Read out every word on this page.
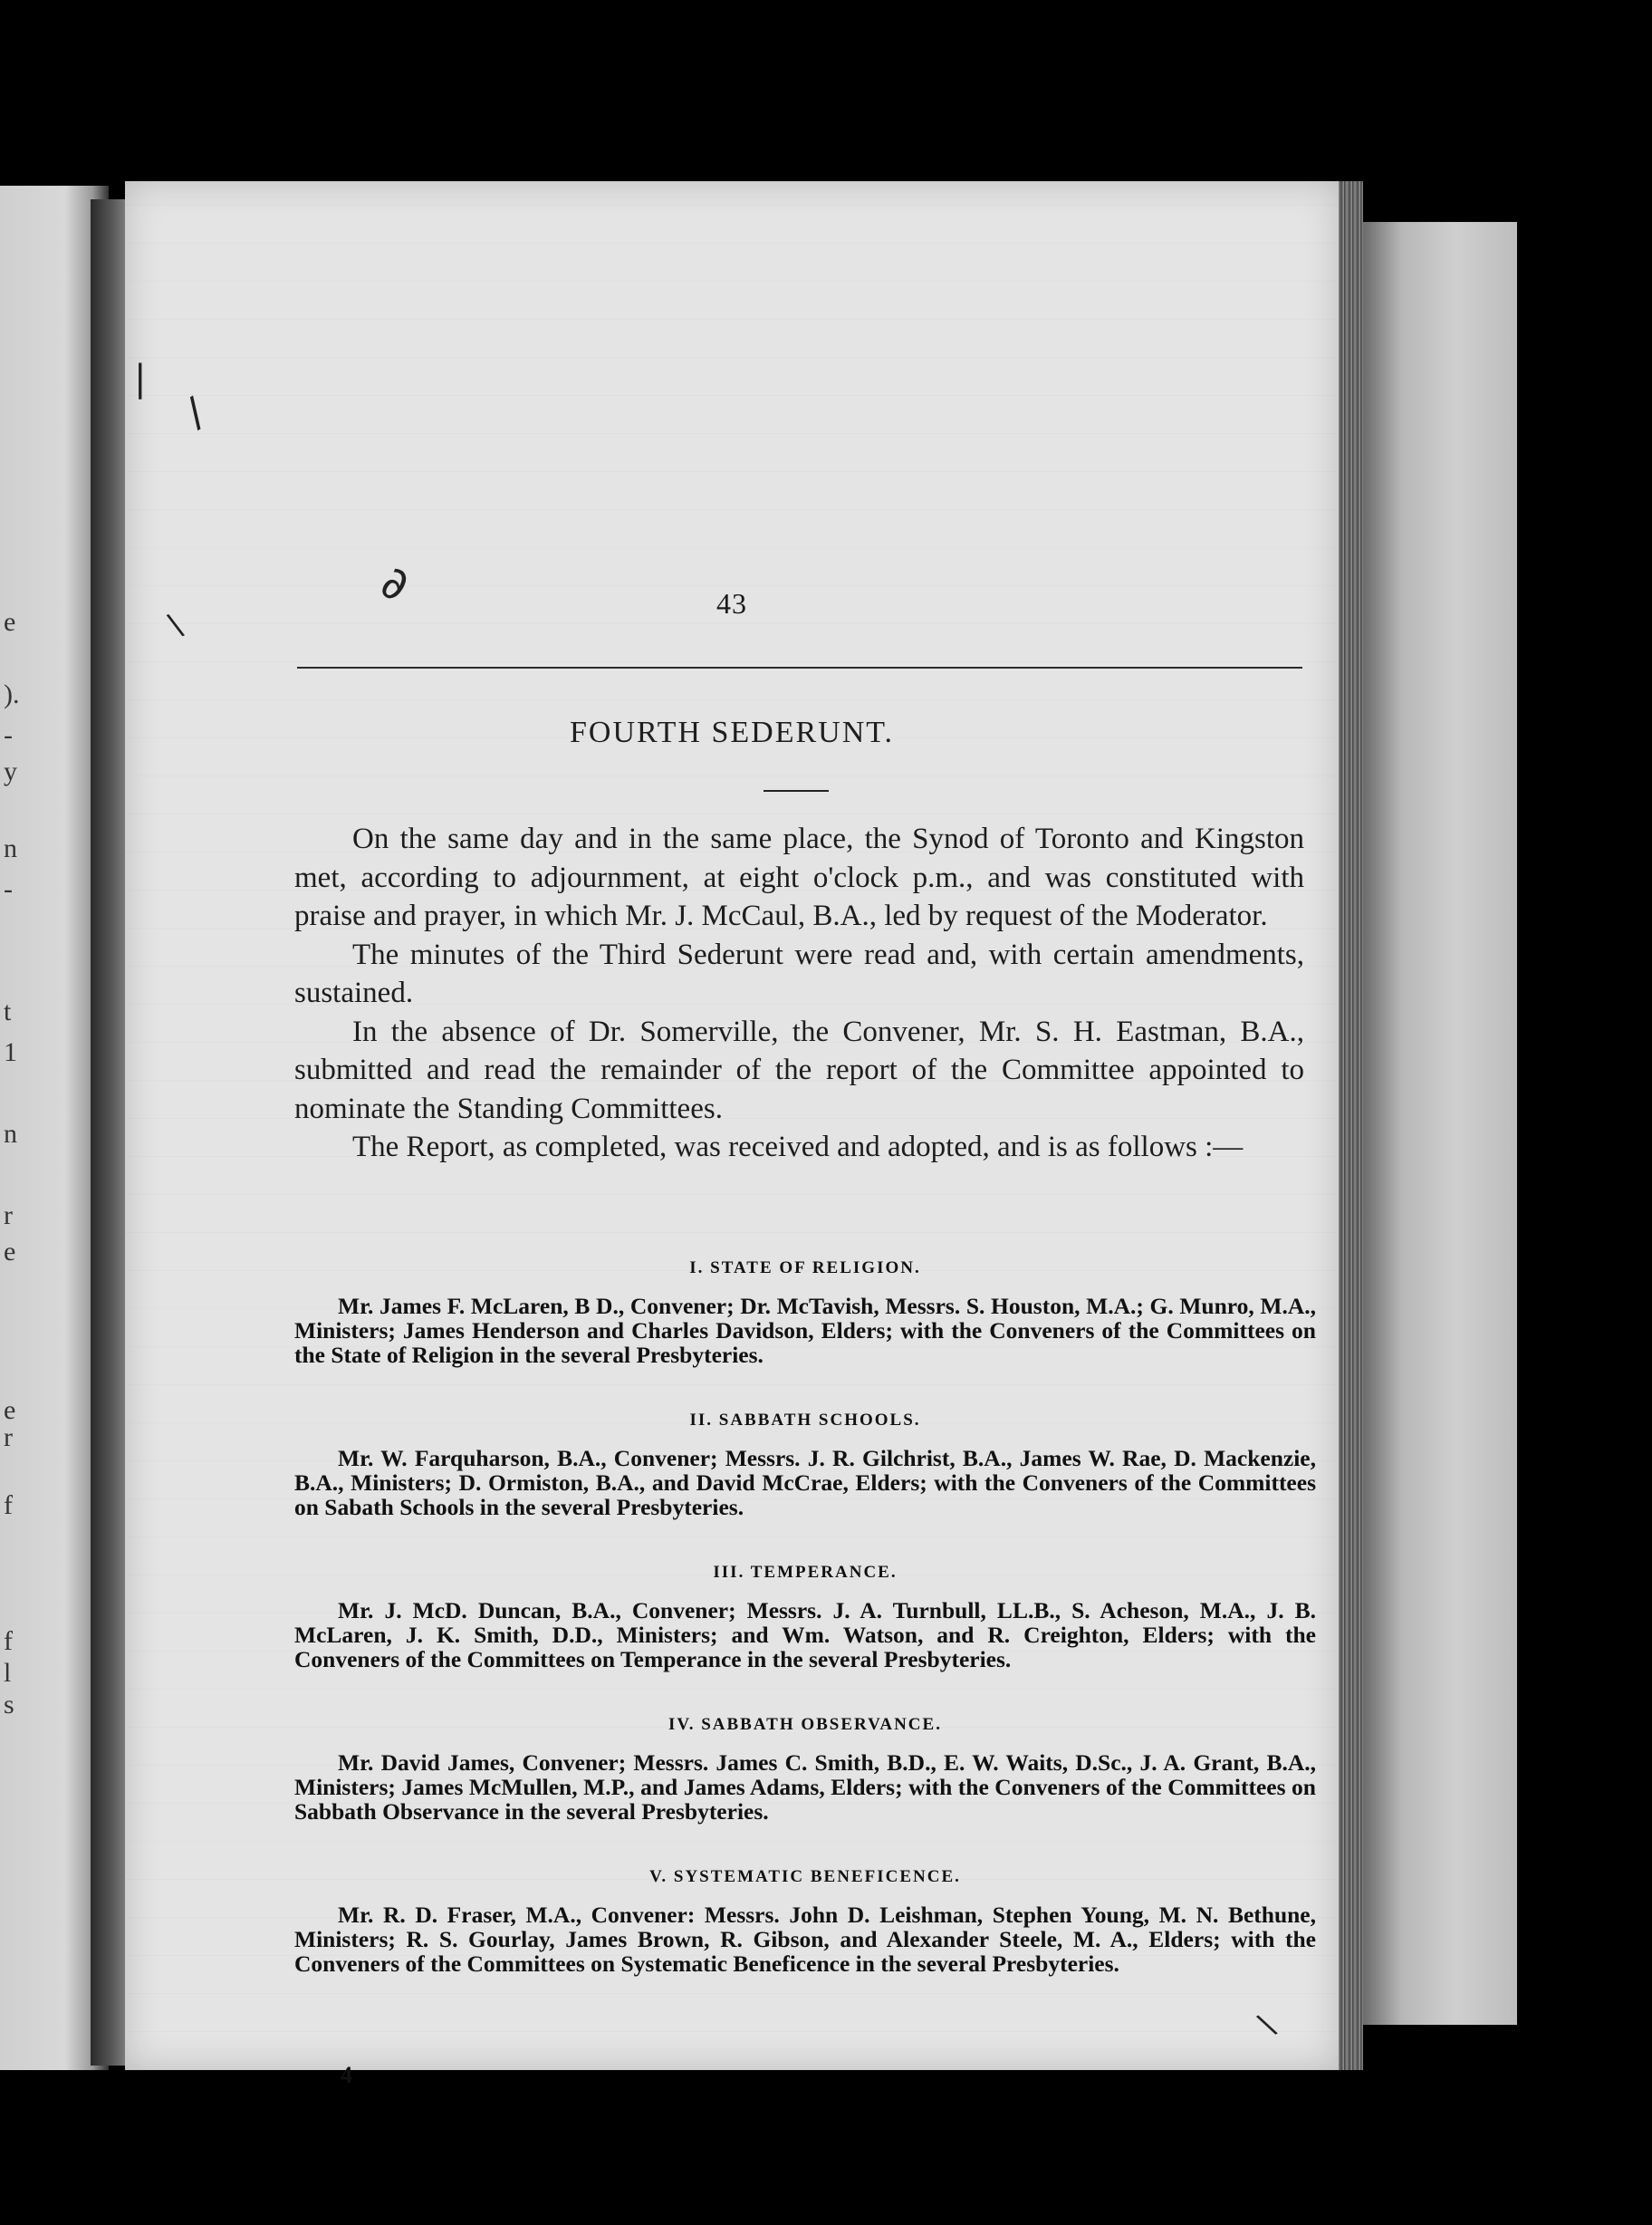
e
).
-
y
n
-
t
1
n
r
e
e
r
f
f
l
s
|
/
∂
\
43
FOURTH SEDERUNT.

On the same day and in the same place, the Synod of Toronto and Kingston met, according to adjournment, at eight o'clock p.m., and was constituted with praise and prayer, in which Mr. J. McCaul, B.A., led by request of the Moderator.

The minutes of the Third Sederunt were read and, with certain amendments, sustained.

In the absence of Dr. Somerville, the Convener, Mr. S. H. Eastman, B.A., submitted and read the remainder of the report of the Committee appointed to nominate the Standing Committees.

The Report, as completed, was received and adopted, and is as follows :—

I. STATE OF RELIGION.

Mr. James F. McLaren, B D., Convener; Dr. McTavish, Messrs. S. Houston, M.A.; G. Munro, M.A., Ministers; James Henderson and Charles Davidson, Elders; with the Conveners of the Committees on the State of Religion in the several Presbyteries.

II. SABBATH SCHOOLS.

Mr. W. Farquharson, B.A., Convener; Messrs. J. R. Gilchrist, B.A., James W. Rae, D. Mackenzie, B.A., Ministers; D. Ormiston, B.A., and David McCrae, Elders; with the Conveners of the Committees on Sabath Schools in the several Presbyteries.

III. TEMPERANCE.

Mr. J. McD. Duncan, B.A., Convener; Messrs. J. A. Turnbull, LL.B., S. Acheson, M.A., J. B. McLaren, J. K. Smith, D.D., Ministers; and Wm. Watson, and R. Creighton, Elders; with the Conveners of the Committees on Temperance in the several Presbyteries.

IV. SABBATH OBSERVANCE.

Mr. David James, Convener; Messrs. James C. Smith, B.D., E. W. Waits, D.Sc., J. A. Grant, B.A., Ministers; James McMullen, M.P., and James Adams, Elders; with the Conveners of the Committees on Sabbath Observance in the several Presbyteries.

V. SYSTEMATIC BENEFICENCE.

Mr. R. D. Fraser, M.A., Convener: Messrs. John D. Leishman, Stephen Young, M. N. Bethune, Ministers; R. S. Gourlay, James Brown, R. Gibson, and Alexander Steele, M. A., Elders; with the Conveners of the Committees on Systematic Beneficence in the several Presbyteries.

4
\
